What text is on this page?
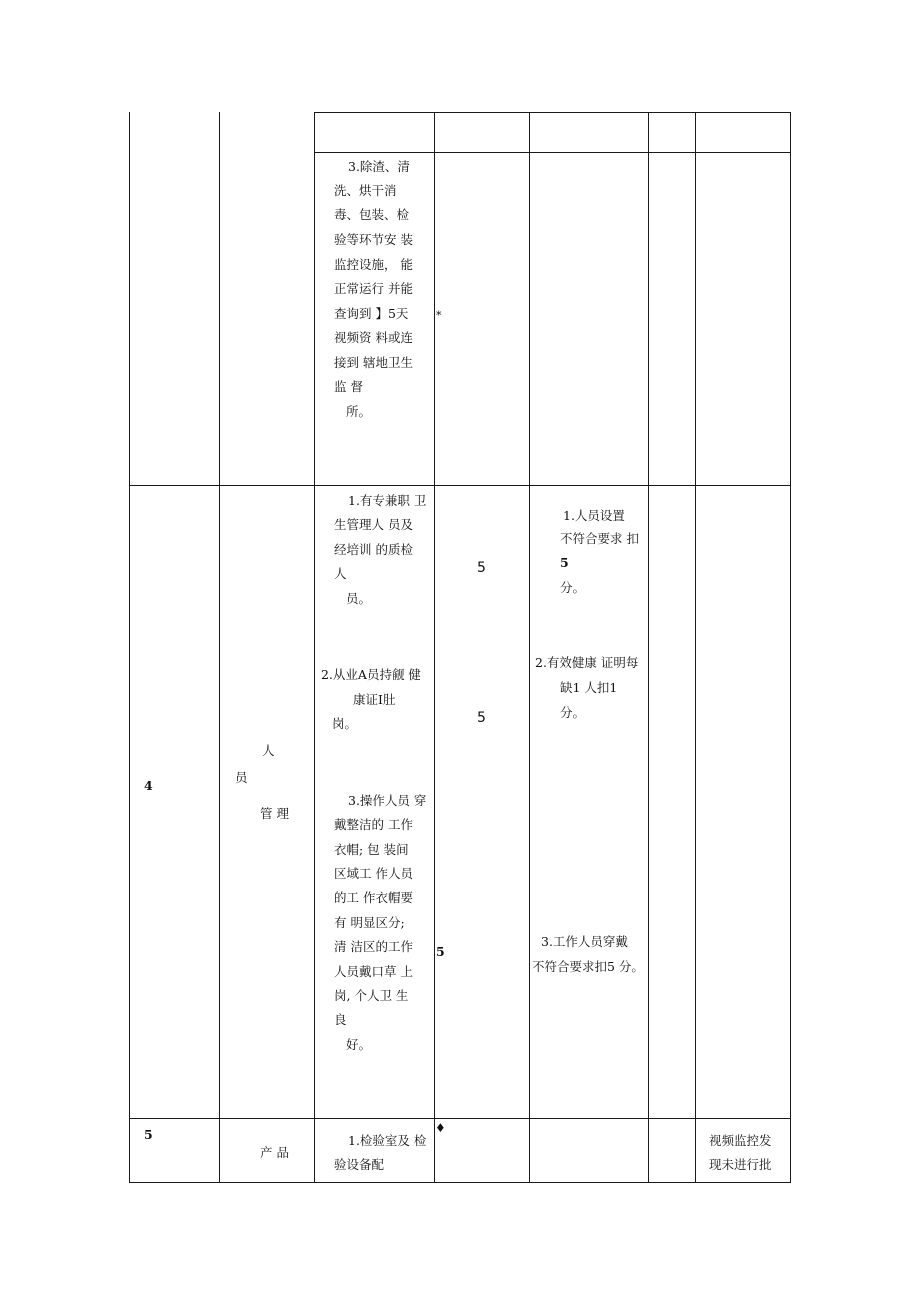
3.除渣、清
洗、烘干消
毒、包装、检
验等环节安 装
监控设施， 能
正常运行 并能
查询到 】5天
视频资 料或连
接到 辖地卫生
监 督
所。
*
4
人
员
管 理
1.有专兼职 卫
生管理人 员及
经培训 的质检
人
员。
5
1.人员设置
不符合要求 扣
5
分。
2.从业A员持觎 健
康证I肚
岗。	5
2.有效健康 证明每
缺1 人扣1
分。
3.操作人员 穿
戴整洁的 工作
衣帽; 包 装间
区域工 作人员
的工 作衣帽要
有 明显区分;
清 洁区的工作
人员戴口草 上
岗, 个人卫 生
良
好。
5
3.工作人员穿戴
不符合要求扣5 分。
5
产 品
1.检验室及 检
验设备配
♦
视频监控发
现未进行批
